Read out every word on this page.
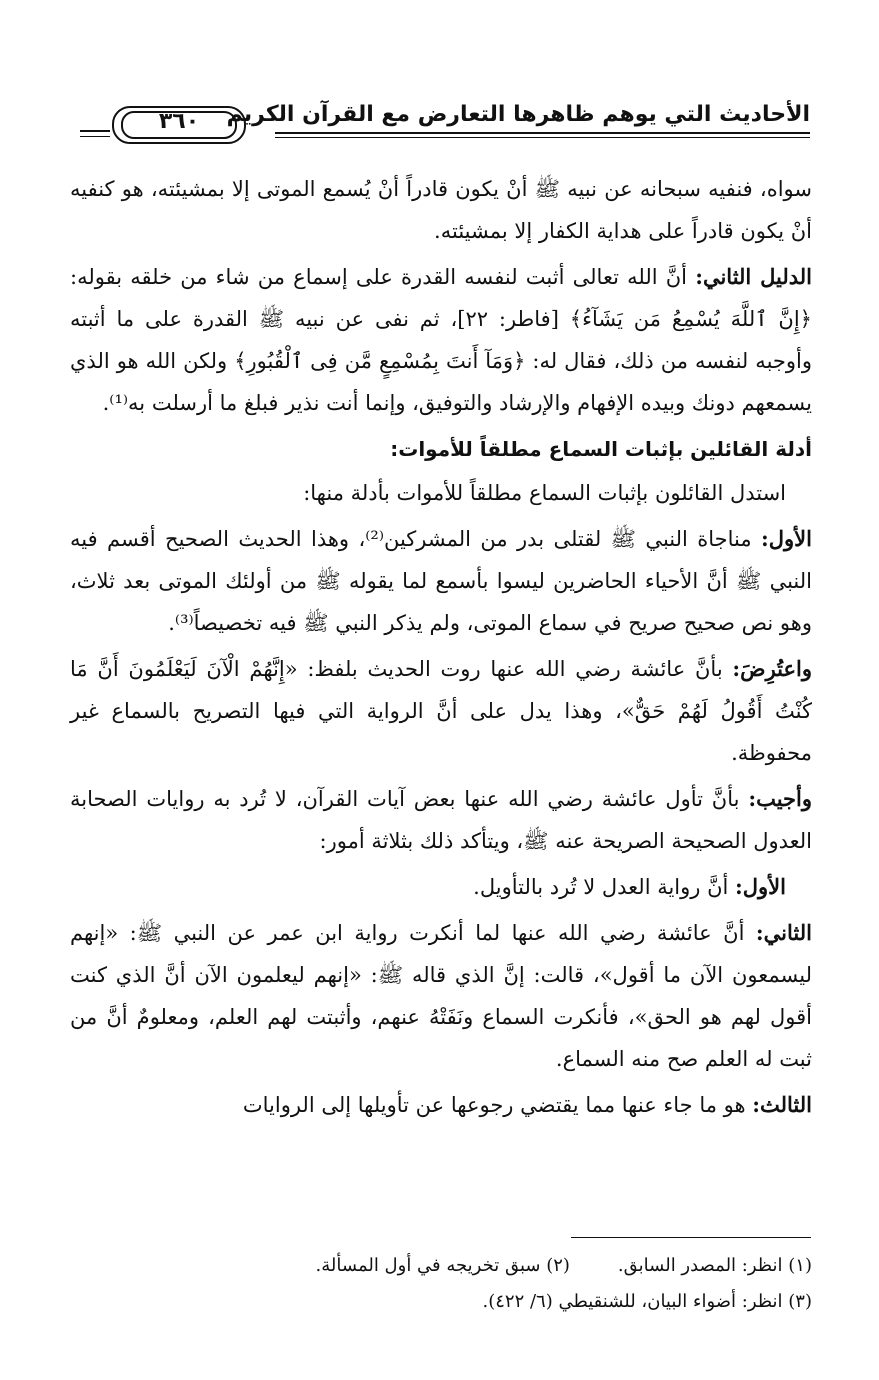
الأحاديث التي يوهم ظاهرها التعارض مع القرآن الكريم
٣٦٠

سواه، فنفيه سبحانه عن نبيه ﷺ أنْ يكون قادراً أنْ يُسمع الموتى إلا بمشيئته، هو كنفيه أنْ يكون قادراً على هداية الكفار إلا بمشيئته.

الدليل الثاني: أنَّ الله تعالى أثبت لنفسه القدرة على إسماع من شاء من خلقه بقوله: ﴿إِنَّ ٱللَّهَ يُسْمِعُ مَن يَشَآءُ﴾ [فاطر: ٢٢]، ثم نفى عن نبيه ﷺ القدرة على ما أثبته وأوجبه لنفسه من ذلك، فقال له: ﴿وَمَآ أَنتَ بِمُسْمِعٍ مَّن فِى ٱلْقُبُورِ﴾ ولكن الله هو الذي يسمعهم دونك وبيده الإفهام والإرشاد والتوفيق، وإنما أنت نذير فبلغ ما أرسلت به⁽¹⁾.

أدلة القائلين بإثبات السماع مطلقاً للأموات:

استدل القائلون بإثبات السماع مطلقاً للأموات بأدلة منها:

الأول: مناجاة النبي ﷺ لقتلى بدر من المشركين⁽²⁾، وهذا الحديث الصحيح أقسم فيه النبي ﷺ أنَّ الأحياء الحاضرين ليسوا بأسمع لما يقوله ﷺ من أولئك الموتى بعد ثلاث، وهو نص صحيح صريح في سماع الموتى، ولم يذكر النبي ﷺ فيه تخصيصاً⁽³⁾.

واعتُرِضَ: بأنَّ عائشة رضي الله عنها روت الحديث بلفظ: «إِنَّهُمْ الْآنَ لَيَعْلَمُونَ أَنَّ مَا كُنْتُ أَقُولُ لَهُمْ حَقٌّ»، وهذا يدل على أنَّ الرواية التي فيها التصريح بالسماع غير محفوظة.

وأجيب: بأنَّ تأول عائشة رضي الله عنها بعض آيات القرآن، لا تُرد به روايات الصحابة العدول الصحيحة الصريحة عنه ﷺ، ويتأكد ذلك بثلاثة أمور:

الأول: أنَّ رواية العدل لا تُرد بالتأويل.

الثاني: أنَّ عائشة رضي الله عنها لما أنكرت رواية ابن عمر عن النبي ﷺ: «إنهم ليسمعون الآن ما أقول»، قالت: إنَّ الذي قاله ﷺ: «إنهم ليعلمون الآن أنَّ الذي كنت أقول لهم هو الحق»، فأنكرت السماع ونَفَتْهُ عنهم، وأثبتت لهم العلم، ومعلومٌ أنَّ من ثبت له العلم صح منه السماع.

الثالث: هو ما جاء عنها مما يقتضي رجوعها عن تأويلها إلى الروايات

(١) انظر: المصدر السابق.
(٢) سبق تخريجه في أول المسألة.
(٣) انظر: أضواء البيان، للشنقيطي (٦/ ٤٢٢).
